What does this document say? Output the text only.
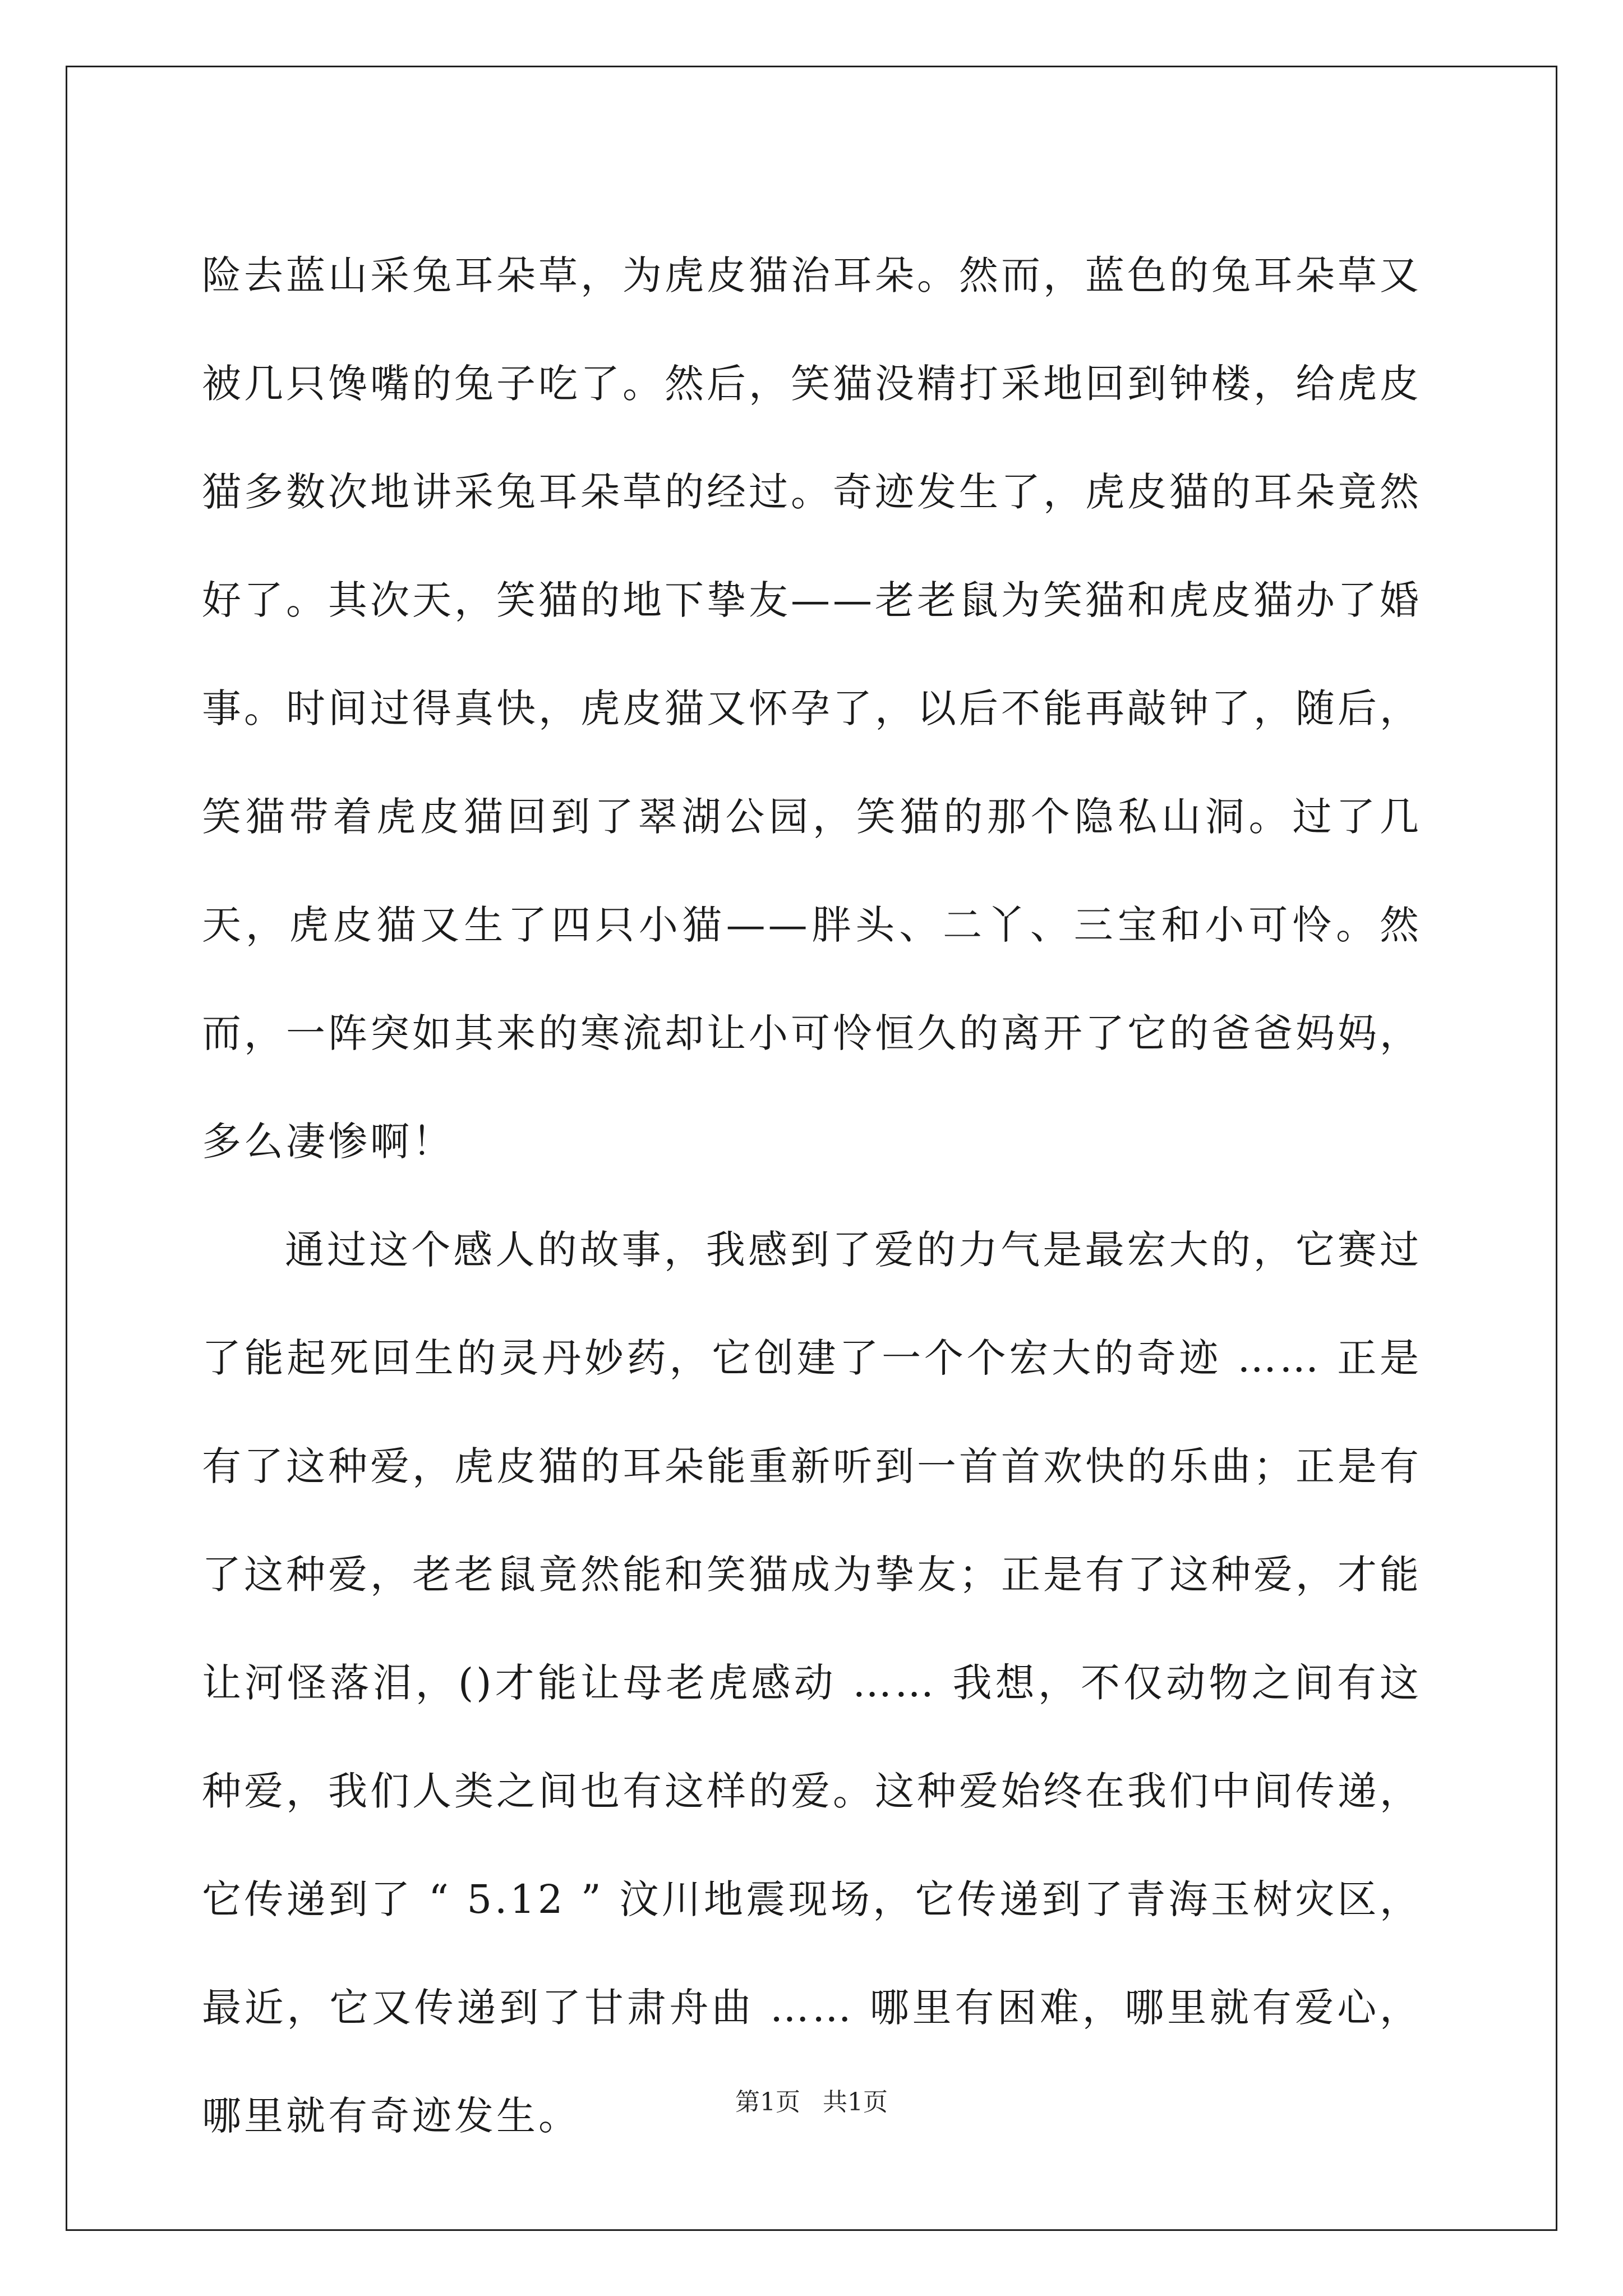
险去蓝山采兔耳朵草，为虎皮猫治耳朵。然而，蓝色的兔耳朵草又被几只馋嘴的兔子吃了。然后，笑猫没精打采地回到钟楼，给虎皮猫多数次地讲采兔耳朵草的经过。奇迹发生了，虎皮猫的耳朵竟然好了。其次天，笑猫的地下挚友——老老鼠为笑猫和虎皮猫办了婚事。时间过得真快，虎皮猫又怀孕了，以后不能再敲钟了，随后，笑猫带着虎皮猫回到了翠湖公园，笑猫的那个隐私山洞。过了几天，虎皮猫又生了四只小猫——胖头、二丫、三宝和小可怜。然而，一阵突如其来的寒流却让小可怜恒久的离开了它的爸爸妈妈，多么凄惨啊！

通过这个感人的故事，我感到了爱的力气是最宏大的，它赛过了能起死回生的灵丹妙药，它创建了一个个宏大的奇迹 …… 正是有了这种爱，虎皮猫的耳朵能重新听到一首首欢快的乐曲；正是有了这种爱，老老鼠竟然能和笑猫成为挚友；正是有了这种爱，才能让河怪落泪，()才能让母老虎感动 …… 我想，不仅动物之间有这种爱，我们人类之间也有这样的爱。这种爱始终在我们中间传递，它传递到了 “ 5.12 ” 汶川地震现场，它传递到了青海玉树灾区，最近，它又传递到了甘肃舟曲 …… 哪里有困难，哪里就有爱心，哪里就有奇迹发生。	第1页 共1页
